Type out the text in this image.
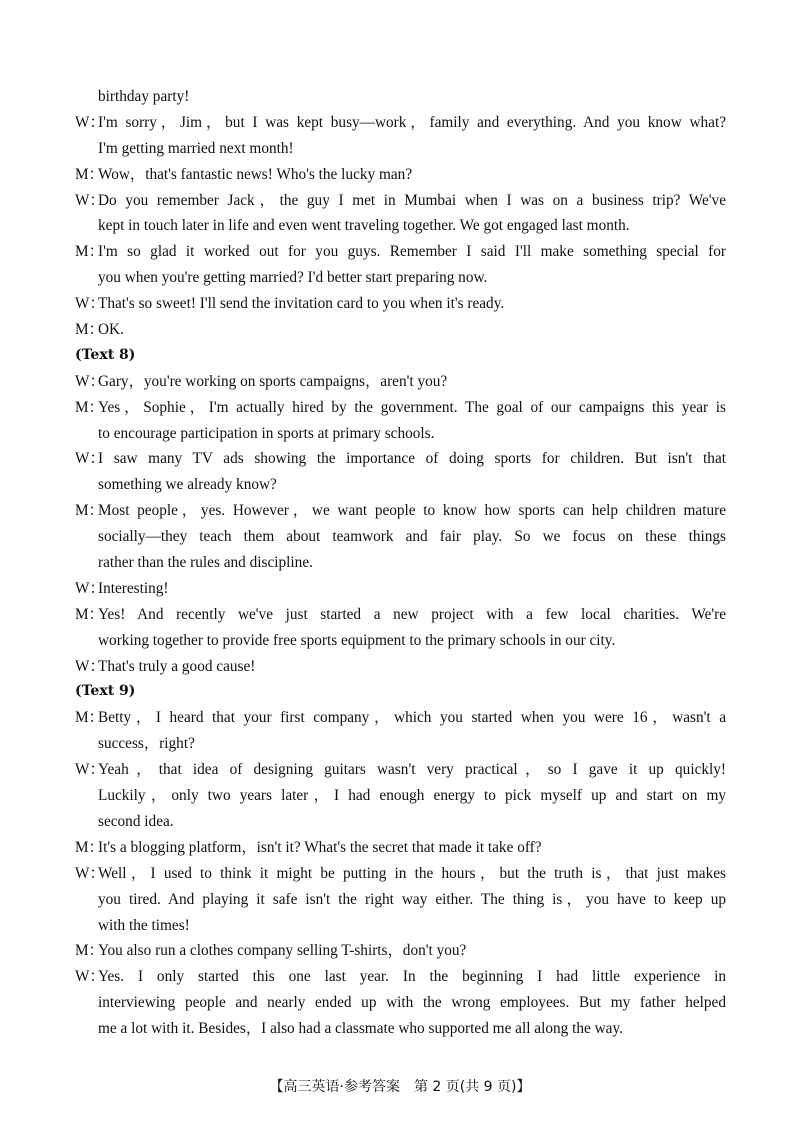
birthday party!
W：
I'm sorry，Jim，but I was kept busy—work，family and everything. And you know what?
I'm getting married next month!
M：
Wow，that's fantastic news! Who's the lucky man?
W：
Do you remember Jack，the guy I met in Mumbai when I was on a business trip? We've
kept in touch later in life and even went traveling together. We got engaged last month.
M：
I'm so glad it worked out for you guys. Remember I said I'll make something special for
you when you're getting married? I'd better start preparing now.
W：
That's so sweet! I'll send the invitation card to you when it's ready.
M：
OK.
(Text 8)
W：
Gary，you're working on sports campaigns，aren't you?
M：
Yes，Sophie，I'm actually hired by the government. The goal of our campaigns this year is
to encourage participation in sports at primary schools.
W：
I saw many TV ads showing the importance of doing sports for children. But isn't that
something we already know?
M：
Most people，yes. However，we want people to know how sports can help children mature
socially—they teach them about teamwork and fair play. So we focus on these things
rather than the rules and discipline.
W：
Interesting!
M：
Yes! And recently we've just started a new project with a few local charities. We're
working together to provide free sports equipment to the primary schools in our city.
W：
That's truly a good cause!
(Text 9)
M：
Betty，I heard that your first company，which you started when you were 16，wasn't a
success，right?
W：
Yeah，that idea of designing guitars wasn't very practical，so I gave it up quickly!
Luckily，only two years later，I had enough energy to pick myself up and start on my
second idea.
M：
It's a blogging platform，isn't it? What's the secret that made it take off?
W：
Well，I used to think it might be putting in the hours，but the truth is，that just makes
you tired. And playing it safe isn't the right way either. The thing is，you have to keep up
with the times!
M：
You also run a clothes company selling T-shirts，don't you?
W：
Yes. I only started this one last year. In the beginning I had little experience in
interviewing people and nearly ended up with the wrong employees. But my father helped
me a lot with it. Besides，I also had a classmate who supported me all along the way.
【高三英语·参考答案　第 2 页(共 9 页)】
